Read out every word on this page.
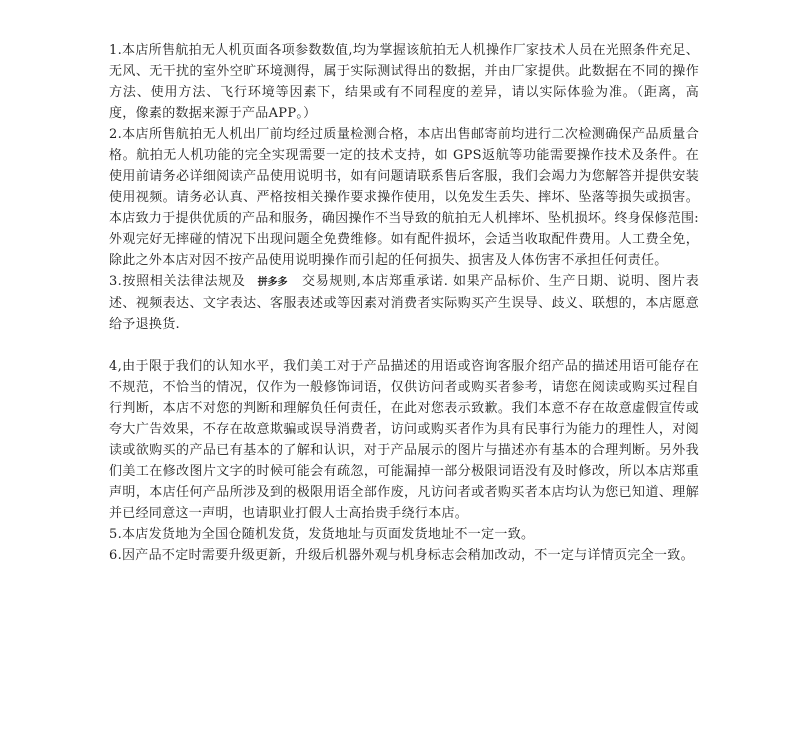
1.本店所售航拍无人机页面各项参数数值,均为掌握该航拍无人机操作厂家技术人员在光照条件充足、无风、无干扰的室外空旷环境测得，属于实际测试得出的数据，并由厂家提供。此数据在不同的操作方法、使用方法、飞行环境等因素下，结果或有不同程度的差异，请以实际体验为准。（距离，高度，像素的数据来源于产品APP。）

2.本店所售航拍无人机出厂前均经过质量检测合格，本店出售邮寄前均进行二次检测确保产品质量合格。航拍无人机功能的完全实现需要一定的技术支持，如 GPS返航等功能需要操作技术及条件。在使用前请务必详细阅读产品使用说明书，如有问题请联系售后客服，我们会竭力为您解答并提供安装使用视频。请务必认真、严格按相关操作要求操作使用，以免发生丢失、摔坏、坠落等损失或损害。本店致力于提供优质的产品和服务，确因操作不当导致的航拍无人机摔坏、坠机损坏。终身保修范围:外观完好无摔碰的情况下出现问题全免费维修。如有配件损坏，会适当收取配件费用。人工费全免，除此之外本店对因不按产品使用说明操作而引起的任何损失、损害及人体伤害不承担任何责任。

3.按照相关法律法规及 拼多多 交易规则,本店郑重承诺. 如果产品标价、生产日期、说明、图片表述、视频表达、文字表达、客服表述或等因素对消费者实际购买产生误导、歧义、联想的，本店愿意给予退换货.

4,由于限于我们的认知水平，我们美工对于产品描述的用语或咨询客服介绍产品的描述用语可能存在不规范，不恰当的情况，仅作为一般修饰词语，仅供访问者或购买者参考，请您在阅读或购买过程自行判断，本店不对您的判断和理解负任何责任，在此对您表示致歉。我们本意不存在故意虚假宣传或夸大广告效果，不存在故意欺骗或误导消费者，访问或购买者作为具有民事行为能力的理性人，对阅读或欲购买的产品已有基本的了解和认识，对于产品展示的图片与描述亦有基本的合理判断。另外我们美工在修改图片文字的时候可能会有疏忽，可能漏掉一部分极限词语没有及时修改，所以本店郑重声明，本店任何产品所涉及到的极限用语全部作废，凡访问者或者购买者本店均认为您已知道、理解并已经同意这一声明，也请职业打假人士高抬贵手绕行本店。

5.本店发货地为全国仓随机发货，发货地址与页面发货地址不一定一致。

6.因产品不定时需要升级更新，升级后机器外观与机身标志会稍加改动，不一定与详情页完全一致。
